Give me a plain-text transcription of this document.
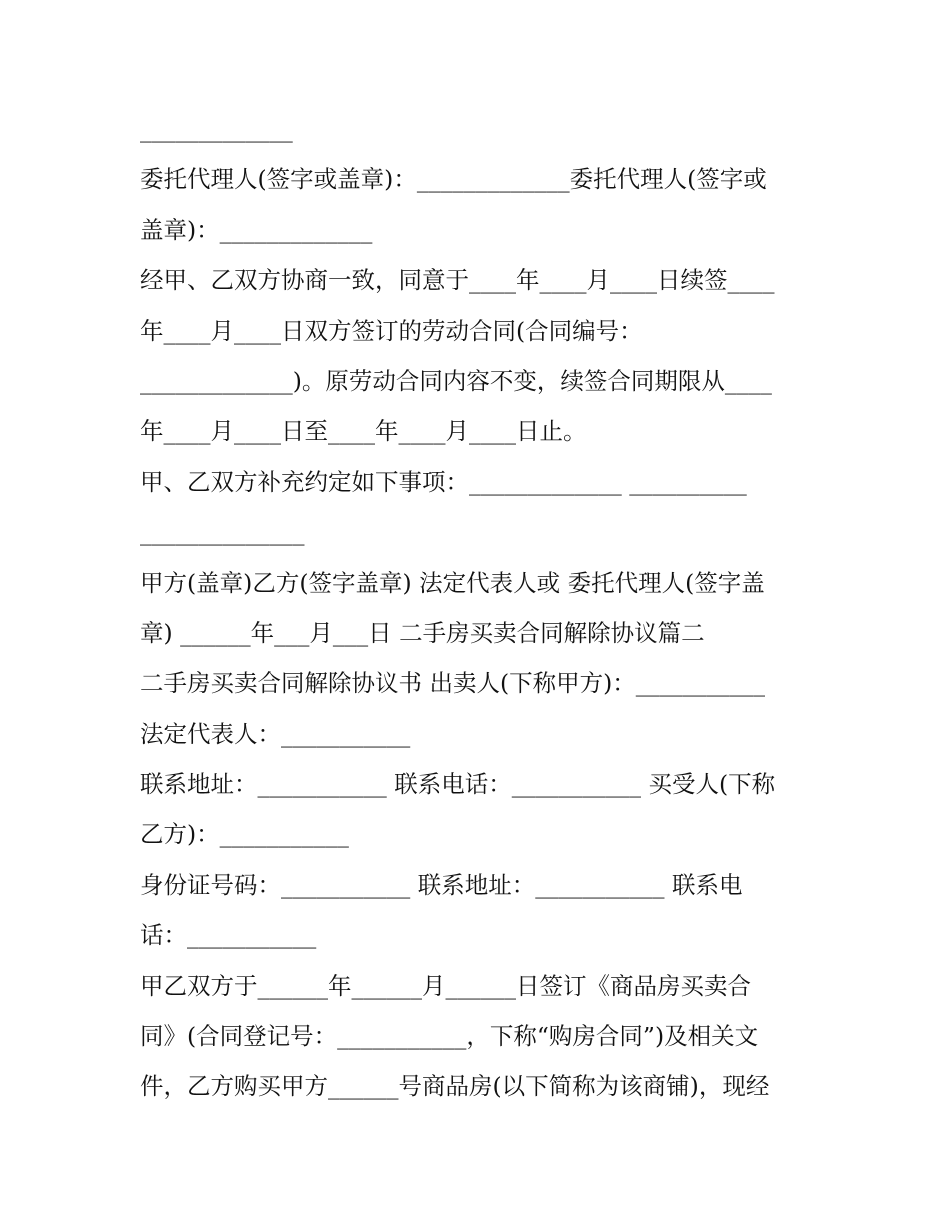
_____________
委托代理人(签字或盖章)：_____________委托代理人(签字或
盖章)：_____________
经甲、乙双方协商一致，同意于____年____月____日续签____
年____月____日双方签订的劳动合同(合同编号：
_____________)。原劳动合同内容不变，续签合同期限从____
年____月____日至____年____月____日止。
甲、乙双方补充约定如下事项：_____________ __________
______________
甲方(盖章)乙方(签字盖章) 法定代表人或 委托代理人(签字盖
章) ______年___月___日 二手房买卖合同解除协议篇二
二手房买卖合同解除协议书 出卖人(下称甲方)：___________
法定代表人：___________
联系地址：___________ 联系电话：___________ 买受人(下称
乙方)：___________
身份证号码：___________ 联系地址：___________ 联系电
话：___________
甲乙双方于______年______月______日签订《商品房买卖合
同》(合同登记号：___________，下称“购房合同”)及相关文
件，乙方购买甲方______号商品房(以下简称为该商铺)，现经
